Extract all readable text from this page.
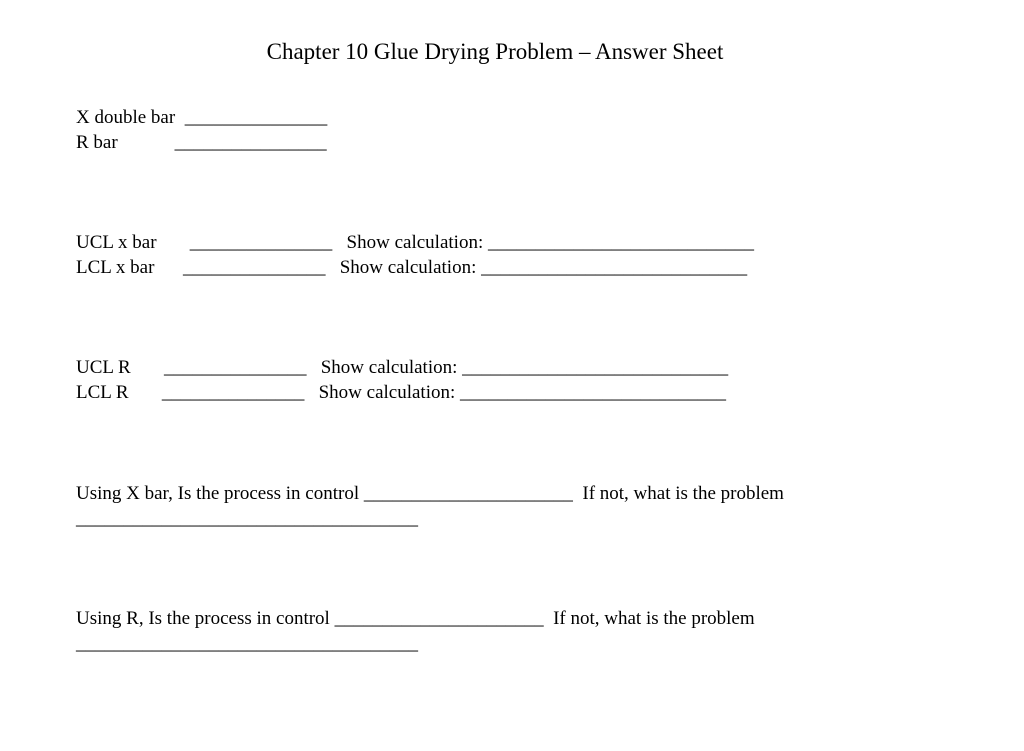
Chapter 10 Glue Drying Problem – Answer Sheet
X double bar  _______________
R bar            ________________
UCL x bar       _______________   Show calculation: ____________________________
LCL x bar      _______________   Show calculation: ____________________________
UCL R       _______________   Show calculation: ____________________________
LCL R       _______________   Show calculation: ____________________________
Using X bar, Is the process in control ______________________  If not, what is the problem
____________________________________
Using R, Is the process in control ______________________  If not, what is the problem
____________________________________
